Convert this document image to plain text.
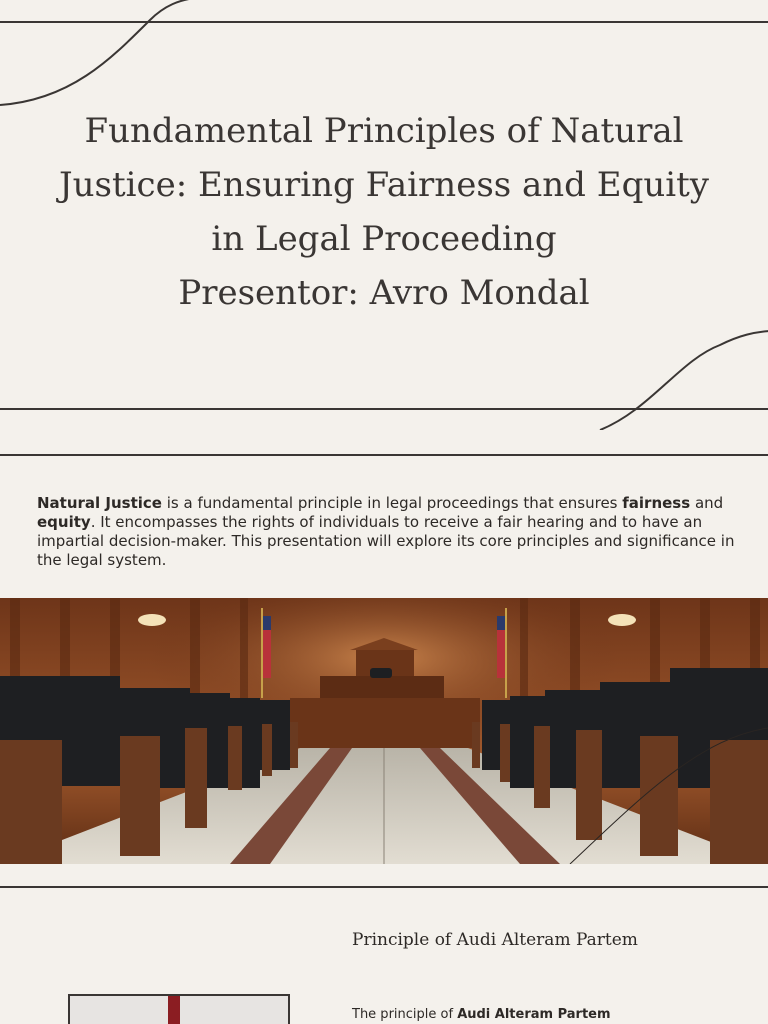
Fundamental Principles of Natural
Justice: Ensuring Fairness and Equity
in Legal Proceeding
Presentor: Avro Mondal

Natural Justice is a fundamental principle in legal proceedings that ensures fairness and equity. It encompasses the rights of individuals to receive a fair hearing and to have an impartial decision-maker. This presentation will explore its core principles and significance in the legal system.

Principle of Audi Alteram Partem
The principle of Audi Alteram Partem
